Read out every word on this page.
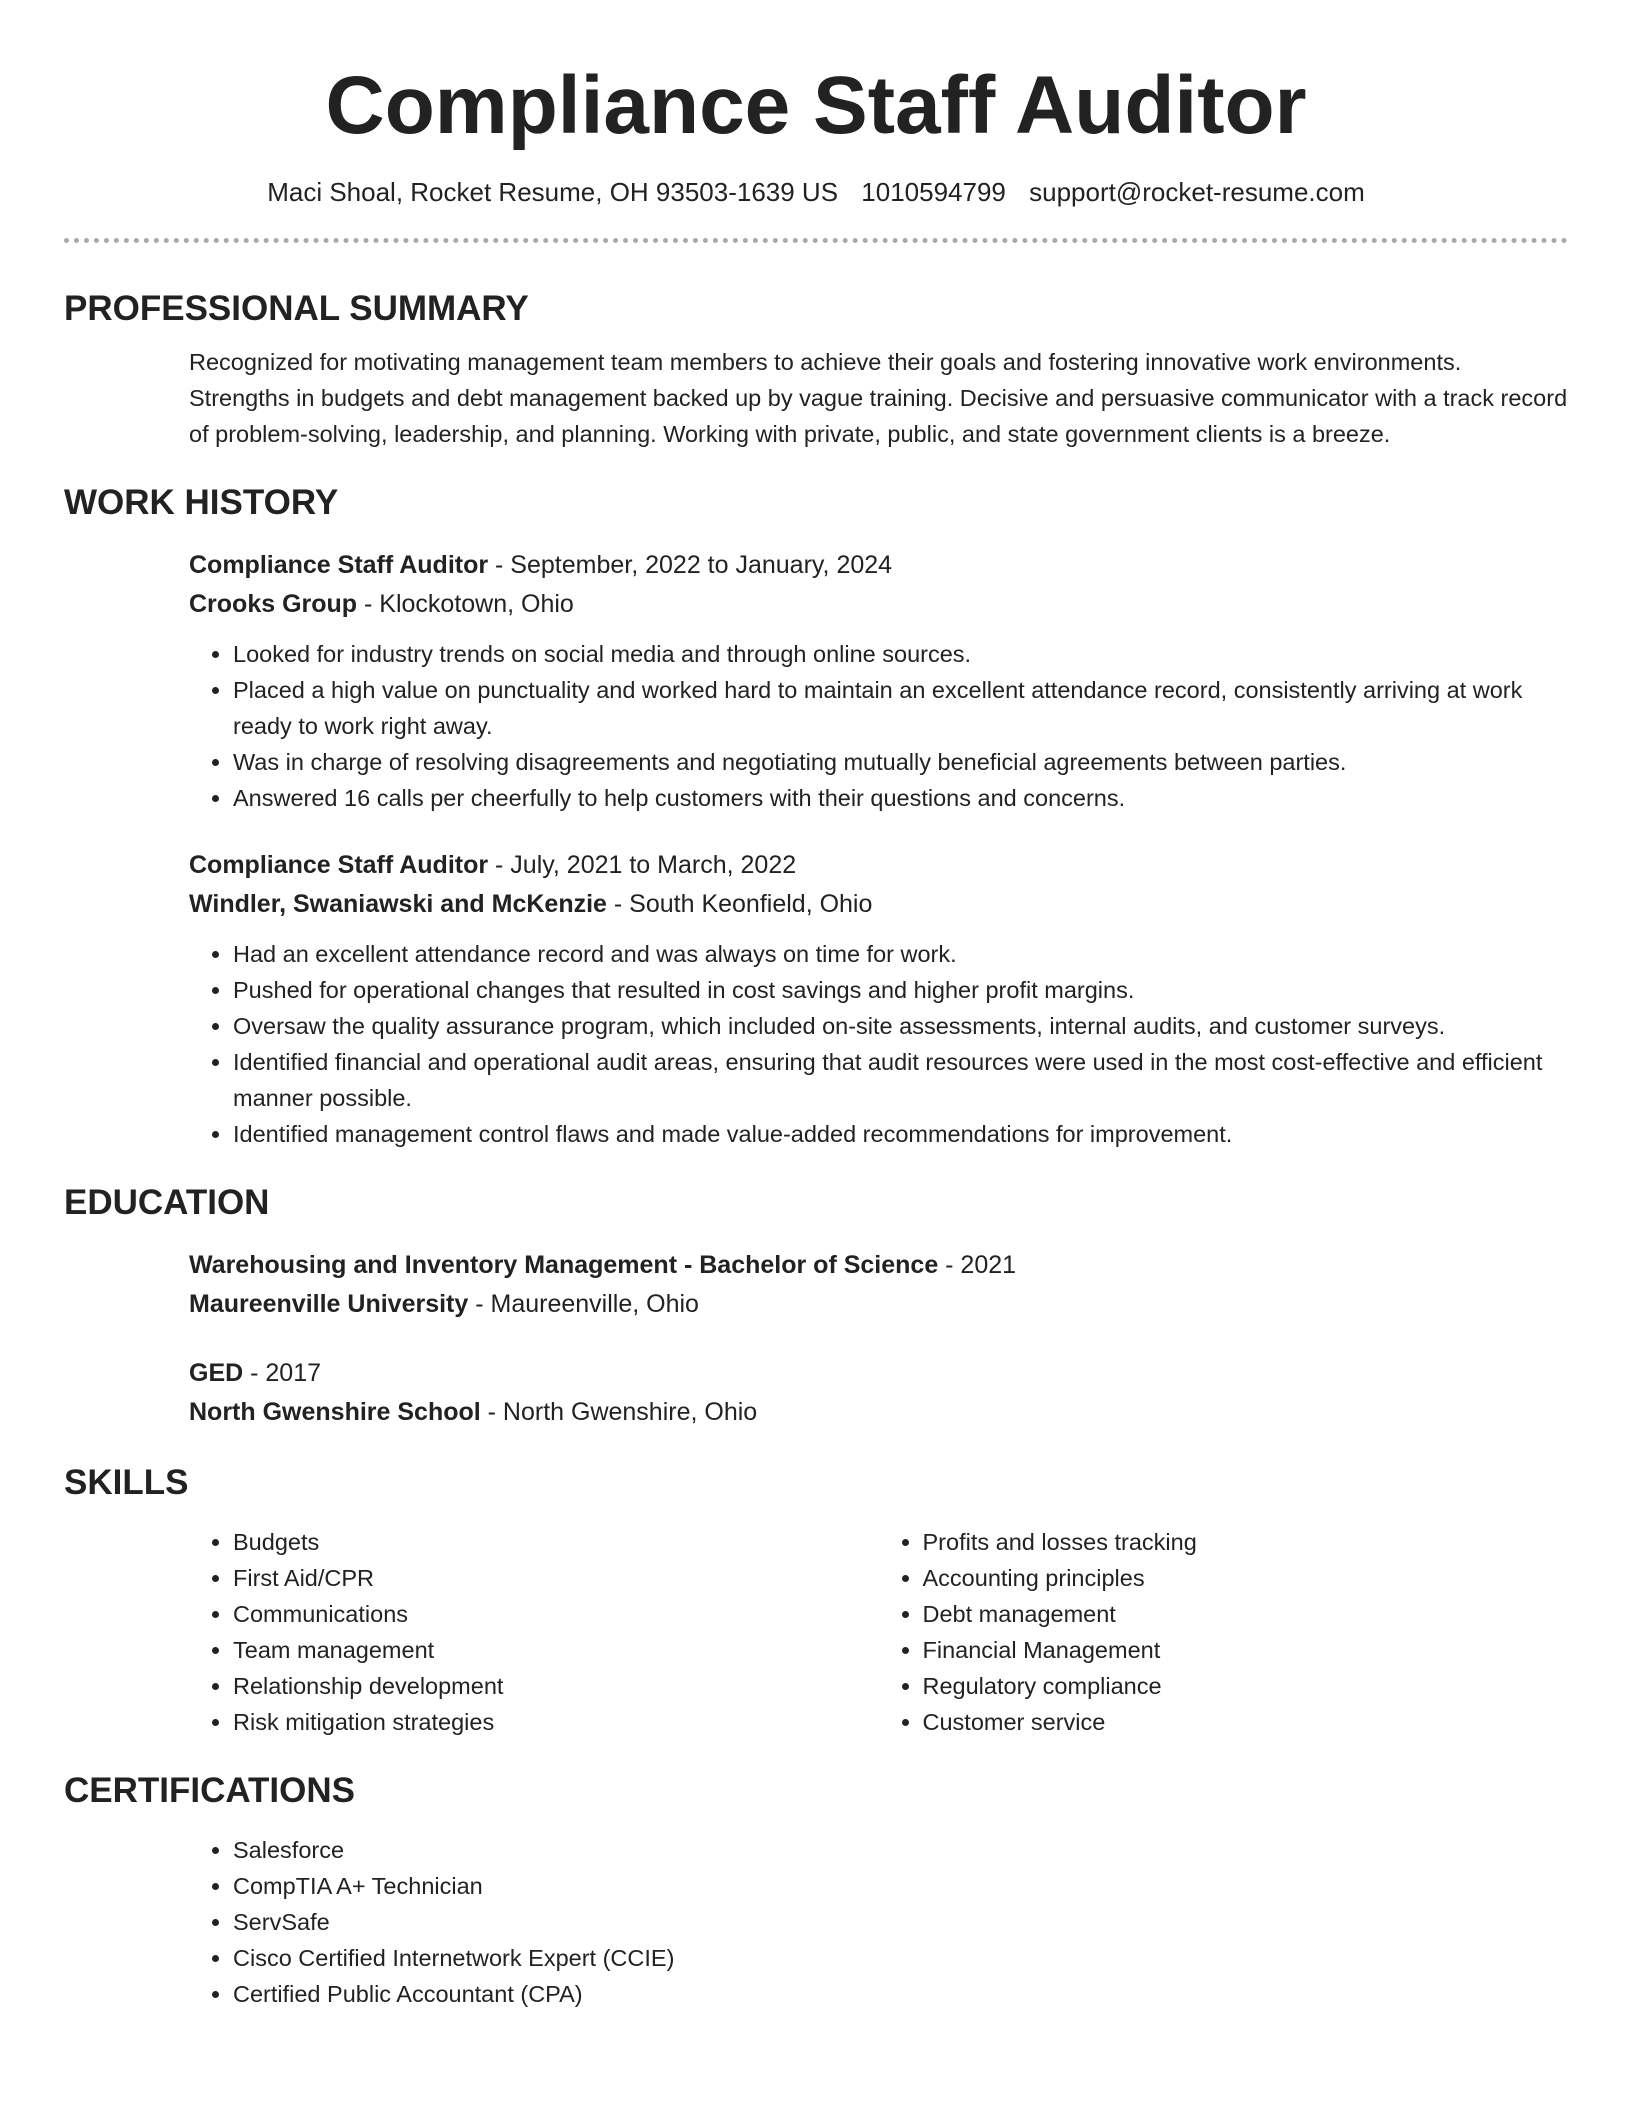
Compliance Staff Auditor
Maci Shoal, Rocket Resume, OH 93503-1639 US 1010594799 support@rocket-resume.com
PROFESSIONAL SUMMARY

Recognized for motivating management team members to achieve their goals and fostering innovative work environments. Strengths in budgets and debt management backed up by vague training. Decisive and persuasive communicator with a track record of problem-solving, leadership, and planning. Working with private, public, and state government clients is a breeze.

WORK HISTORY
Compliance Staff Auditor - September, 2022 to January, 2024
Crooks Group - Klockotown, Ohio
• Looked for industry trends on social media and through online sources.
• Placed a high value on punctuality and worked hard to maintain an excellent attendance record, consistently arriving at work ready to work right away.
• Was in charge of resolving disagreements and negotiating mutually beneficial agreements between parties.
• Answered 16 calls per cheerfully to help customers with their questions and concerns.
Compliance Staff Auditor - July, 2021 to March, 2022
Windler, Swaniawski and McKenzie - South Keonfield, Ohio
• Had an excellent attendance record and was always on time for work.
• Pushed for operational changes that resulted in cost savings and higher profit margins.
• Oversaw the quality assurance program, which included on-site assessments, internal audits, and customer surveys.
• Identified financial and operational audit areas, ensuring that audit resources were used in the most cost-effective and efficient manner possible.
• Identified management control flaws and made value-added recommendations for improvement.
EDUCATION
Warehousing and Inventory Management - Bachelor of Science - 2021
Maureenville University - Maureenville, Ohio
GED - 2017
North Gwenshire School - North Gwenshire, Ohio
SKILLS
• Budgets
• First Aid/CPR
• Communications
• Team management
• Relationship development
• Risk mitigation strategies
• Profits and losses tracking
• Accounting principles
• Debt management
• Financial Management
• Regulatory compliance
• Customer service
CERTIFICATIONS
• Salesforce
• CompTIA A+ Technician
• ServSafe
• Cisco Certified Internetwork Expert (CCIE)
• Certified Public Accountant (CPA)
